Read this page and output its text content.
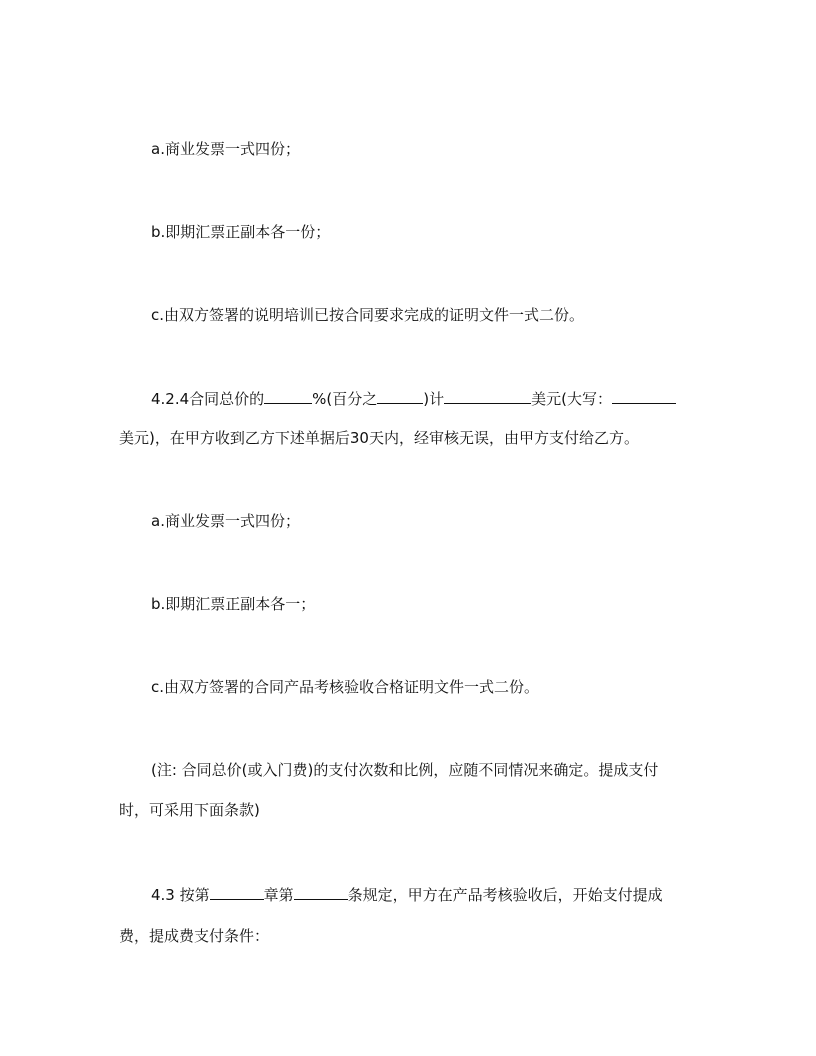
a.商业发票一式四份；
b.即期汇票正副本各一份；
c.由双方签署的说明培训已按合同要求完成的证明文件一式二份。
4.2.4合同总价的	%(百分之	)计	美元(大写：
美元)，在甲方收到乙方下述单据后30天内，经审核无误，由甲方支付给乙方。
a.商业发票一式四份；
b.即期汇票正副本各一；
c.由双方签署的合同产品考核验收合格证明文件一式二份。
(注: 合同总价(或入门费)的支付次数和比例，应随不同情况来确定。提成支付
时，可采用下面条款)
4.3 按第	章第	条规定，甲方在产品考核验收后，开始支付提成
费，提成费支付条件：
